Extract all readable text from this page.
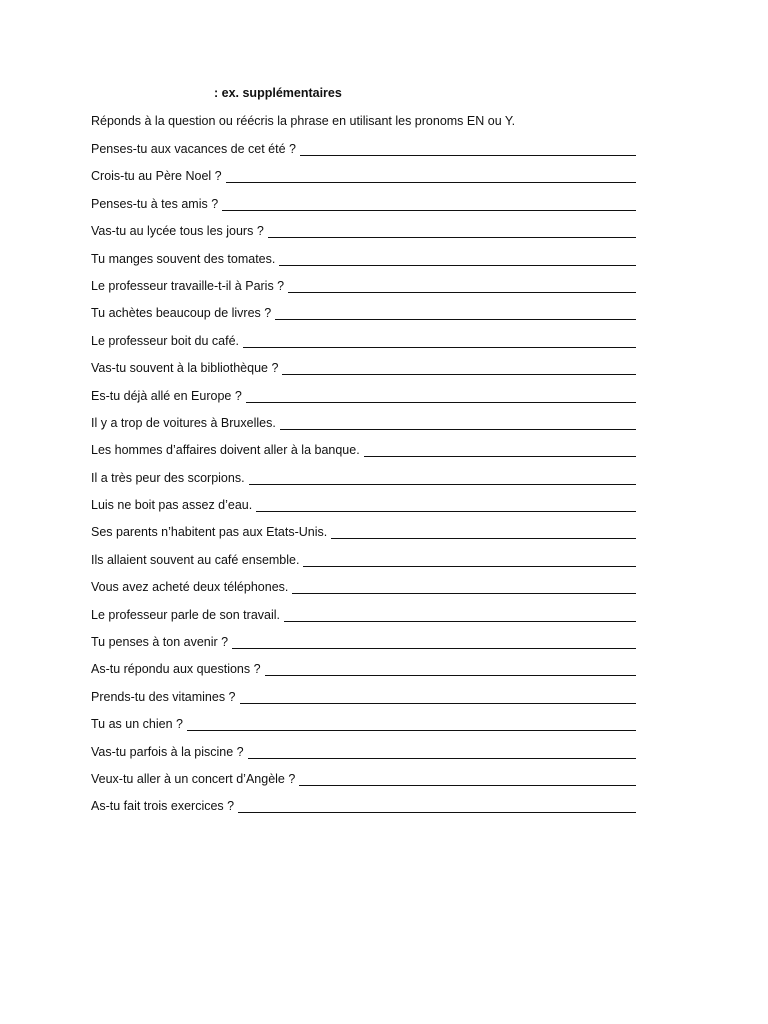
: ex. supplémentaires
Réponds à la question ou réécris la phrase en utilisant les pronoms EN ou Y.
Penses-tu aux vacances de cet été ?
Crois-tu au Père Noel ?
Penses-tu à tes amis ?
Vas-tu au lycée tous les jours ?
Tu manges souvent des tomates.
Le professeur travaille-t-il à Paris ?
Tu achètes beaucoup de livres ?
Le professeur boit du café.
Vas-tu souvent à la bibliothèque ?
Es-tu déjà allé en Europe ?
Il y a trop de voitures à Bruxelles.
Les hommes d’affaires doivent aller à la banque.
Il a très peur des scorpions.
Luis ne boit pas assez d’eau.
Ses parents n’habitent pas aux Etats-Unis.
Ils allaient souvent au café ensemble.
Vous avez acheté deux téléphones.
Le professeur parle de son travail.
Tu penses à ton avenir ?
As-tu répondu aux questions ?
Prends-tu des vitamines ?
Tu as un chien ?
Vas-tu parfois à la piscine ?
Veux-tu aller à un concert d’Angèle ?
As-tu fait trois exercices ?
